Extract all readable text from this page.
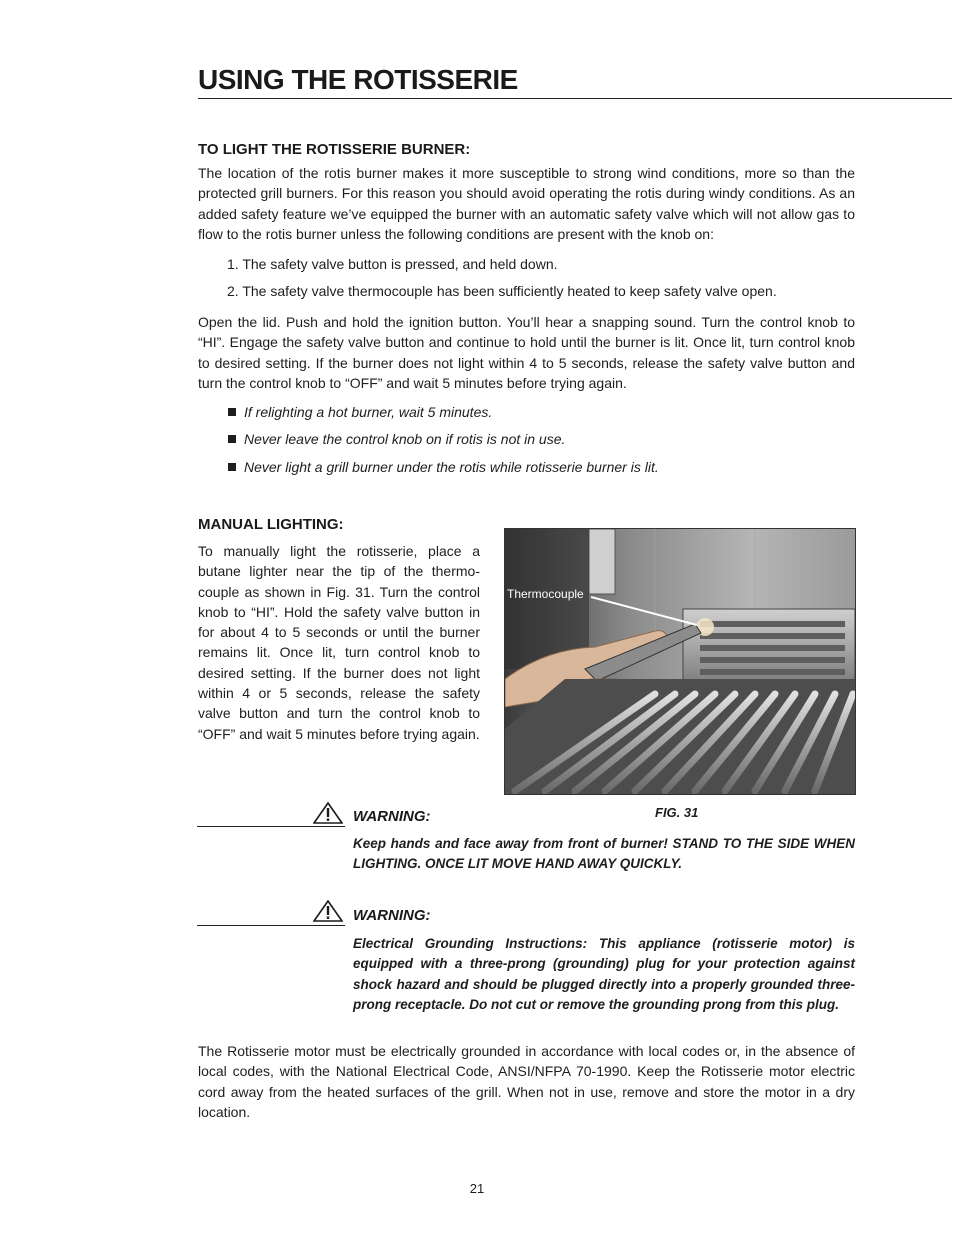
USING THE ROTISSERIE
TO LIGHT THE ROTISSERIE BURNER:
The location of the rotis burner makes it more susceptible to strong wind conditions, more so than the protected grill burners. For this reason you should avoid operating the rotis during windy conditions. As an added safety feature we’ve equipped the burner with an automatic safety valve which will not allow gas to flow to the rotis burner unless the following conditions are present with the knob on:
1. The safety valve button is pressed, and held down.
2. The safety valve thermocouple has been sufficiently heated to keep safety valve open.
Open the lid. Push and hold the ignition button. You’ll hear a snapping sound. Turn the control knob to “HI”. Engage the safety valve button and continue to hold until the burner is lit. Once lit, turn control knob to desired setting. If the burner does not light within 4 to 5 seconds, release the safety valve button and turn the control knob to “OFF” and wait 5 minutes before trying again.
If relighting a hot burner, wait 5 minutes.
Never leave the control knob on if rotis is not in use.
Never light a grill burner under the rotis while rotisserie burner is lit.
MANUAL LIGHTING:
To manually light the rotisserie, place a butane lighter near the tip of the thermo-couple as shown in Fig. 31. Turn the control knob to “HI”. Hold the safety valve button in for about 4 to 5 seconds or until the burner remains lit. Once lit, turn control knob to desired setting. If the burner does not light within 4 or 5 seconds, release the safety valve button and turn the control knob to “OFF” and wait 5 minutes before trying again.
Thermocouple
FIG. 31
WARNING:
Keep hands and face away from front of burner! STAND TO THE SIDE WHEN LIGHTING. ONCE LIT MOVE HAND AWAY QUICKLY.
WARNING:
Electrical Grounding Instructions: This appliance (rotisserie motor) is equipped with a three-prong (grounding) plug for your protection against shock hazard and should be plugged directly into a properly grounded three-prong receptacle. Do not cut or remove the grounding prong from this plug.
The Rotisserie motor must be electrically grounded in accordance with local codes or, in the absence of local codes, with the National Electrical Code, ANSI/NFPA 70-1990. Keep the Rotisserie motor electric cord away from the heated surfaces of the grill. When not in use, remove and store the motor in a dry location.
21
